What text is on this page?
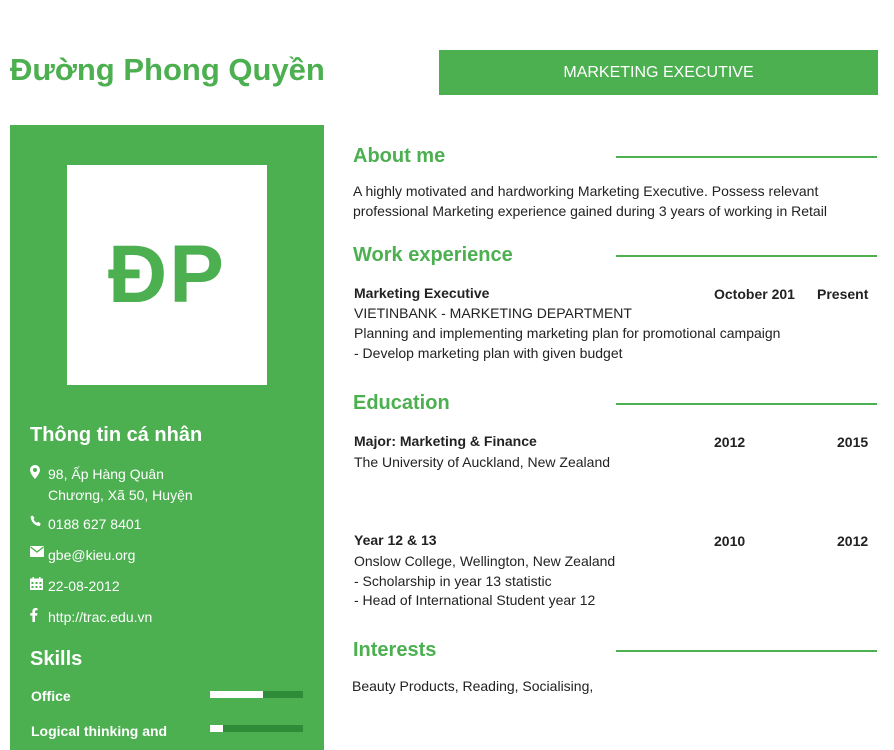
Đường Phong Quyền	MARKETING EXECUTIVE
ĐP
Thông tin cá nhân
98, Ấp Hàng Quân
Chương, Xã 50, Huyện
0188 627 8401
gbe@kieu.org
22-08-2012
http://trac.edu.vn
Skills
Office
Logical thinking and
About me
A highly motivated and hardworking Marketing Executive. Possess relevant
professional Marketing experience gained during 3 years of working in Retail
Work experience
Marketing Executive	October 201 Present
VIETINBANK - MARKETING DEPARTMENT
Planning and implementing marketing plan for promotional campaign
- Develop marketing plan with given budget
Education
Major: Marketing & Finance	2012	2015
The University of Auckland, New Zealand
Year 12 & 13	2010	2012
Onslow College, Wellington, New Zealand
- Scholarship in year 13 statistic
- Head of International Student year 12
Interests
Beauty Products, Reading, Socialising,
